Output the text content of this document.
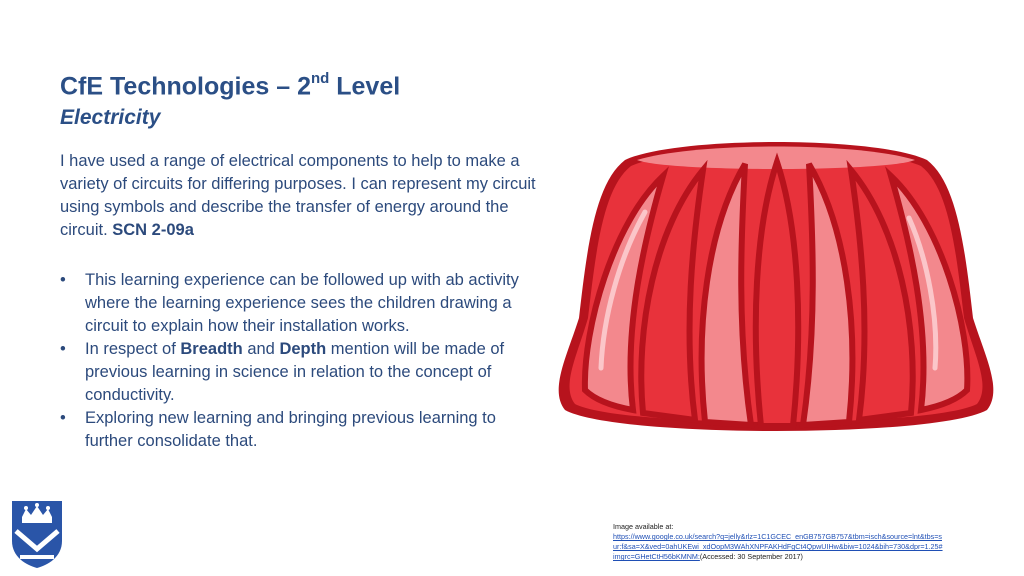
CfE Technologies – 2nd Level
Electricity
I have used a range of electrical components to help to make a variety of circuits for differing purposes. I can represent my circuit using symbols and describe the transfer of energy around the circuit. SCN 2-09a
• This learning experience can be followed up with ab activity where the learning experience sees the children drawing a circuit to explain how their installation works.
• In respect of Breadth and Depth mention will be made of previous learning in science in relation to the concept of conductivity.
• Exploring new learning and bringing previous learning to further consolidate that.
Image available at:
https://www.google.co.uk/search?q=jelly&rlz=1C1GCEC_enGB757GB757&tbm=isch&source=lnt&tbs=sur:f&sa=X&ved=0ahUKEwi_xdOopM3WAhXNPFAKHdFgCt4QpwUIHw&biw=1024&bih=730&dpr=1.25#imgrc=GHetCtH56bKMNM:(Accessed: 30 September 2017)
